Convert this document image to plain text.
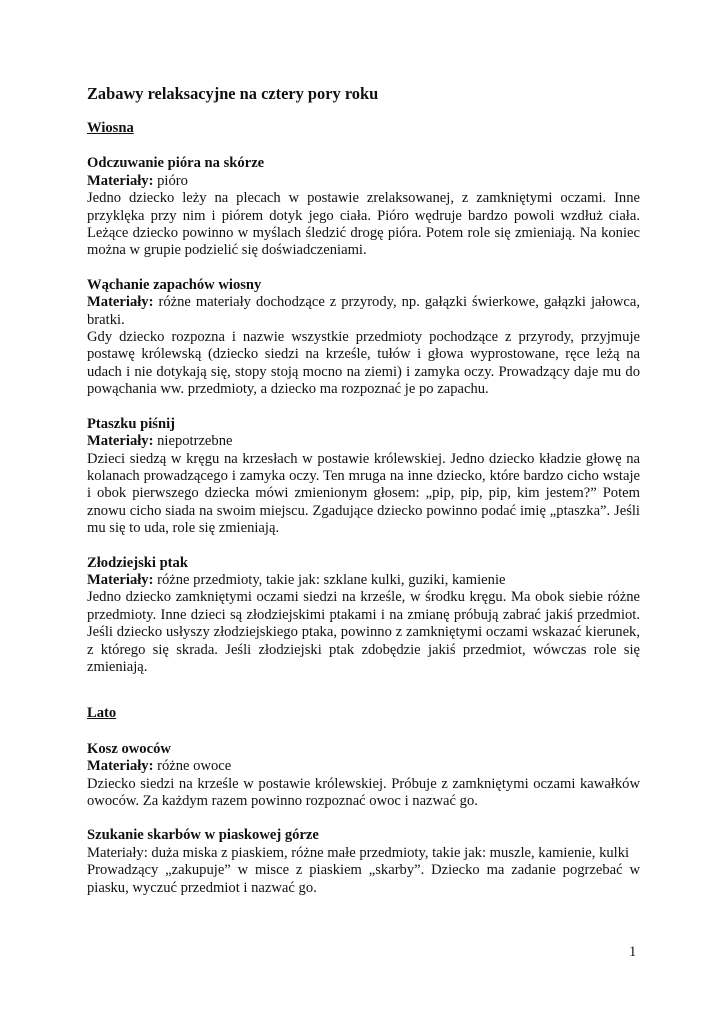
Zabawy relaksacyjne na cztery pory roku
Wiosna
Odczuwanie pióra na skórze
Materiały: pióro
Jedno dziecko leży na plecach w postawie zrelaksowanej, z zamkniętymi oczami. Inne przyklęka przy nim i piórem dotyk jego ciała. Pióro wędruje bardzo powoli wzdłuż ciała. Leżące dziecko powinno w myślach śledzić drogę pióra. Potem role się zmieniają. Na koniec można w grupie podzielić się doświadczeniami.
Wąchanie zapachów wiosny
Materiały: różne materiały dochodzące z przyrody, np. gałązki świerkowe, gałązki jałowca, bratki.
Gdy dziecko rozpozna i nazwie wszystkie przedmioty pochodzące z przyrody, przyjmuje postawę królewską (dziecko siedzi na krześle, tułów i głowa wyprostowane, ręce leżą na udach i nie dotykają się, stopy stoją mocno na ziemi) i zamyka oczy. Prowadzący daje mu do powąchania ww. przedmioty, a dziecko ma rozpoznać je po zapachu.
Ptaszku piśnij
Materiały: niepotrzebne
Dzieci siedzą w kręgu na krzesłach w postawie królewskiej. Jedno dziecko kładzie głowę na kolanach prowadzącego i zamyka oczy. Ten mruga na inne dziecko, które bardzo cicho wstaje i obok pierwszego dziecka mówi zmienionym głosem: „pip, pip, pip, kim jestem?” Potem znowu cicho siada na swoim miejscu. Zgadujące dziecko powinno podać imię „ptaszka”. Jeśli mu się to uda, role się zmieniają.
Złodziejski ptak
Materiały: różne przedmioty, takie jak: szklane kulki, guziki, kamienie
Jedno dziecko zamkniętymi oczami siedzi na krześle, w środku kręgu. Ma obok siebie różne przedmioty. Inne dzieci są złodziejskimi ptakami i na zmianę próbują zabrać jakiś przedmiot. Jeśli dziecko usłyszy złodziejskiego ptaka, powinno z zamkniętymi oczami wskazać kierunek, z którego się skrada. Jeśli złodziejski ptak zdobędzie jakiś przedmiot, wówczas role się zmieniają.
Lato
Kosz owoców
Materiały: różne owoce
Dziecko siedzi na krześle w postawie królewskiej. Próbuje z zamkniętymi oczami kawałków owoców. Za każdym razem powinno rozpoznać owoc i nazwać go.
Szukanie skarbów w piaskowej górze
Materiały: duża miska z piaskiem, różne małe przedmioty, takie jak: muszle, kamienie, kulki
Prowadzący „zakupuje” w misce z piaskiem „skarby”. Dziecko ma zadanie pogrzebać w piasku, wyczuć przedmiot i nazwać go.
1
